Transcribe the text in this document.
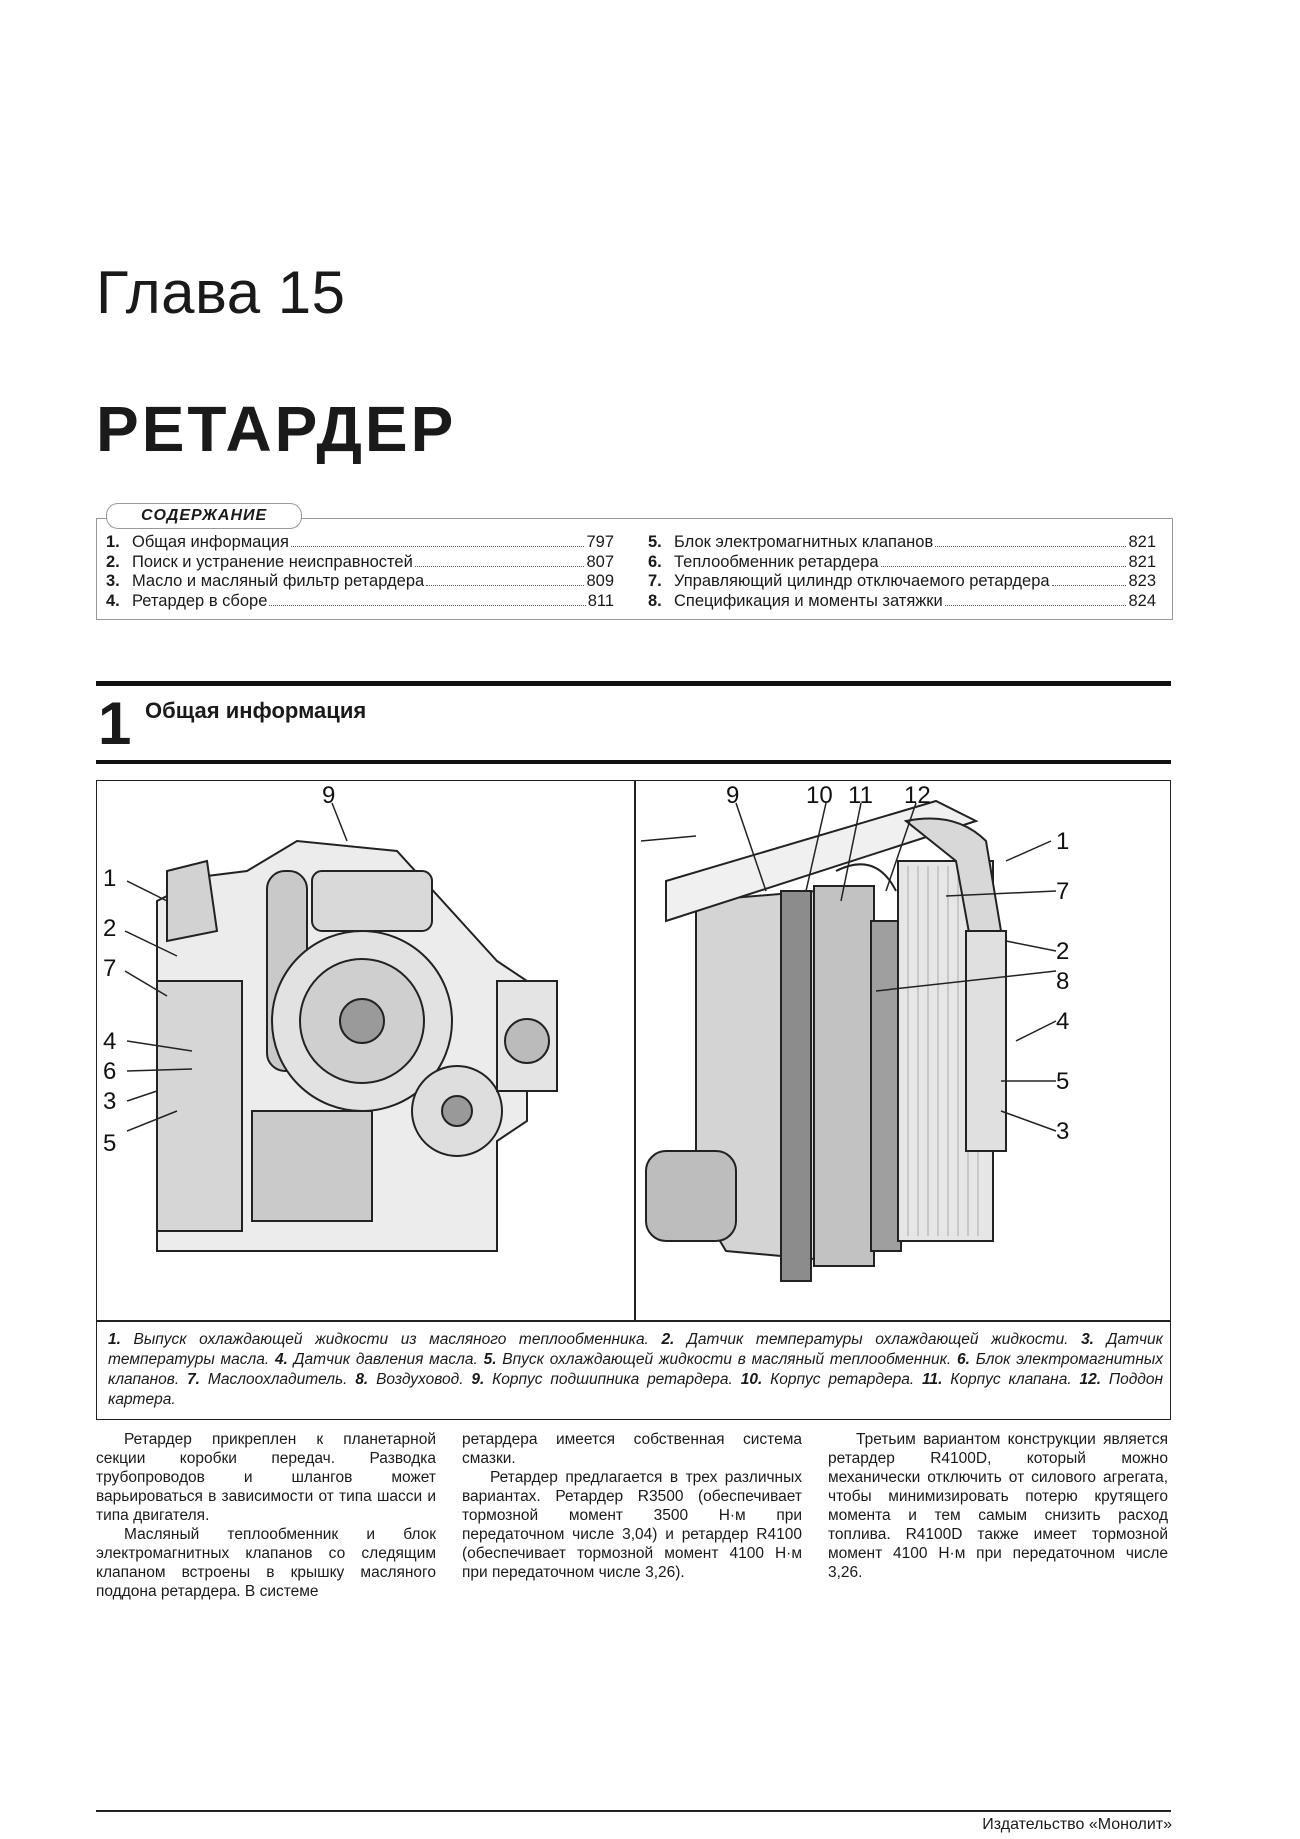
Глава 15
РЕТАРДЕР
СОДЕРЖАНИЕ
1. Общая информация	797
2. Поиск и устранение неисправностей	807
3. Масло и масляный фильтр ретардера	809
4. Ретардер в сборе	811
5. Блок электромагнитных клапанов	821
6. Теплообменник ретардера	821
7. Управляющий цилиндр отключаемого ретардера	823
8. Спецификация и моменты затяжки	824
1 Общая информация
9
1
2
7
4
6
3
5
9	10 11 12
1
7
2
8
4
5
3
1. Выпуск охлаждающей жидкости из масляного теплообменника. 2. Датчик температуры охлаждающей жидкости. 3. Датчик температуры масла. 4. Датчик давления масла. 5. Впуск охлаждающей жидкости в масляный теплообменник. 6. Блок электромагнитных клапанов. 7. Маслоохладитель. 8. Воздуховод. 9. Корпус подшипника ретардера. 10. Корпус ретардера. 11. Корпус клапана. 12. Поддон картера.

Ретардер прикреплен к планетарной секции коробки передач. Разводка трубопроводов и шлангов может варьироваться в зависимости от типа шасси и типа двигателя.

Масляный теплообменник и блок электромагнитных клапанов со следящим клапаном встроены в крышку масляного поддона ретардера. В системе

ретардера имеется собственная система смазки.

Ретардер предлагается в трех различных вариантах. Ретардер R3500 (обеспечивает тормозной момент 3500 Н·м при передаточном числе 3,04) и ретардер R4100 (обеспечивает тормозной момент 4100 Н·м при передаточном числе 3,26).

Третьим вариантом конструкции является ретардер R4100D, который можно механически отключить от силового агрегата, чтобы минимизировать потерю крутящего момента и тем самым снизить расход топлива. R4100D также имеет тормозной момент 4100 Н·м при передаточном числе 3,26.

Издательство «Монолит»
